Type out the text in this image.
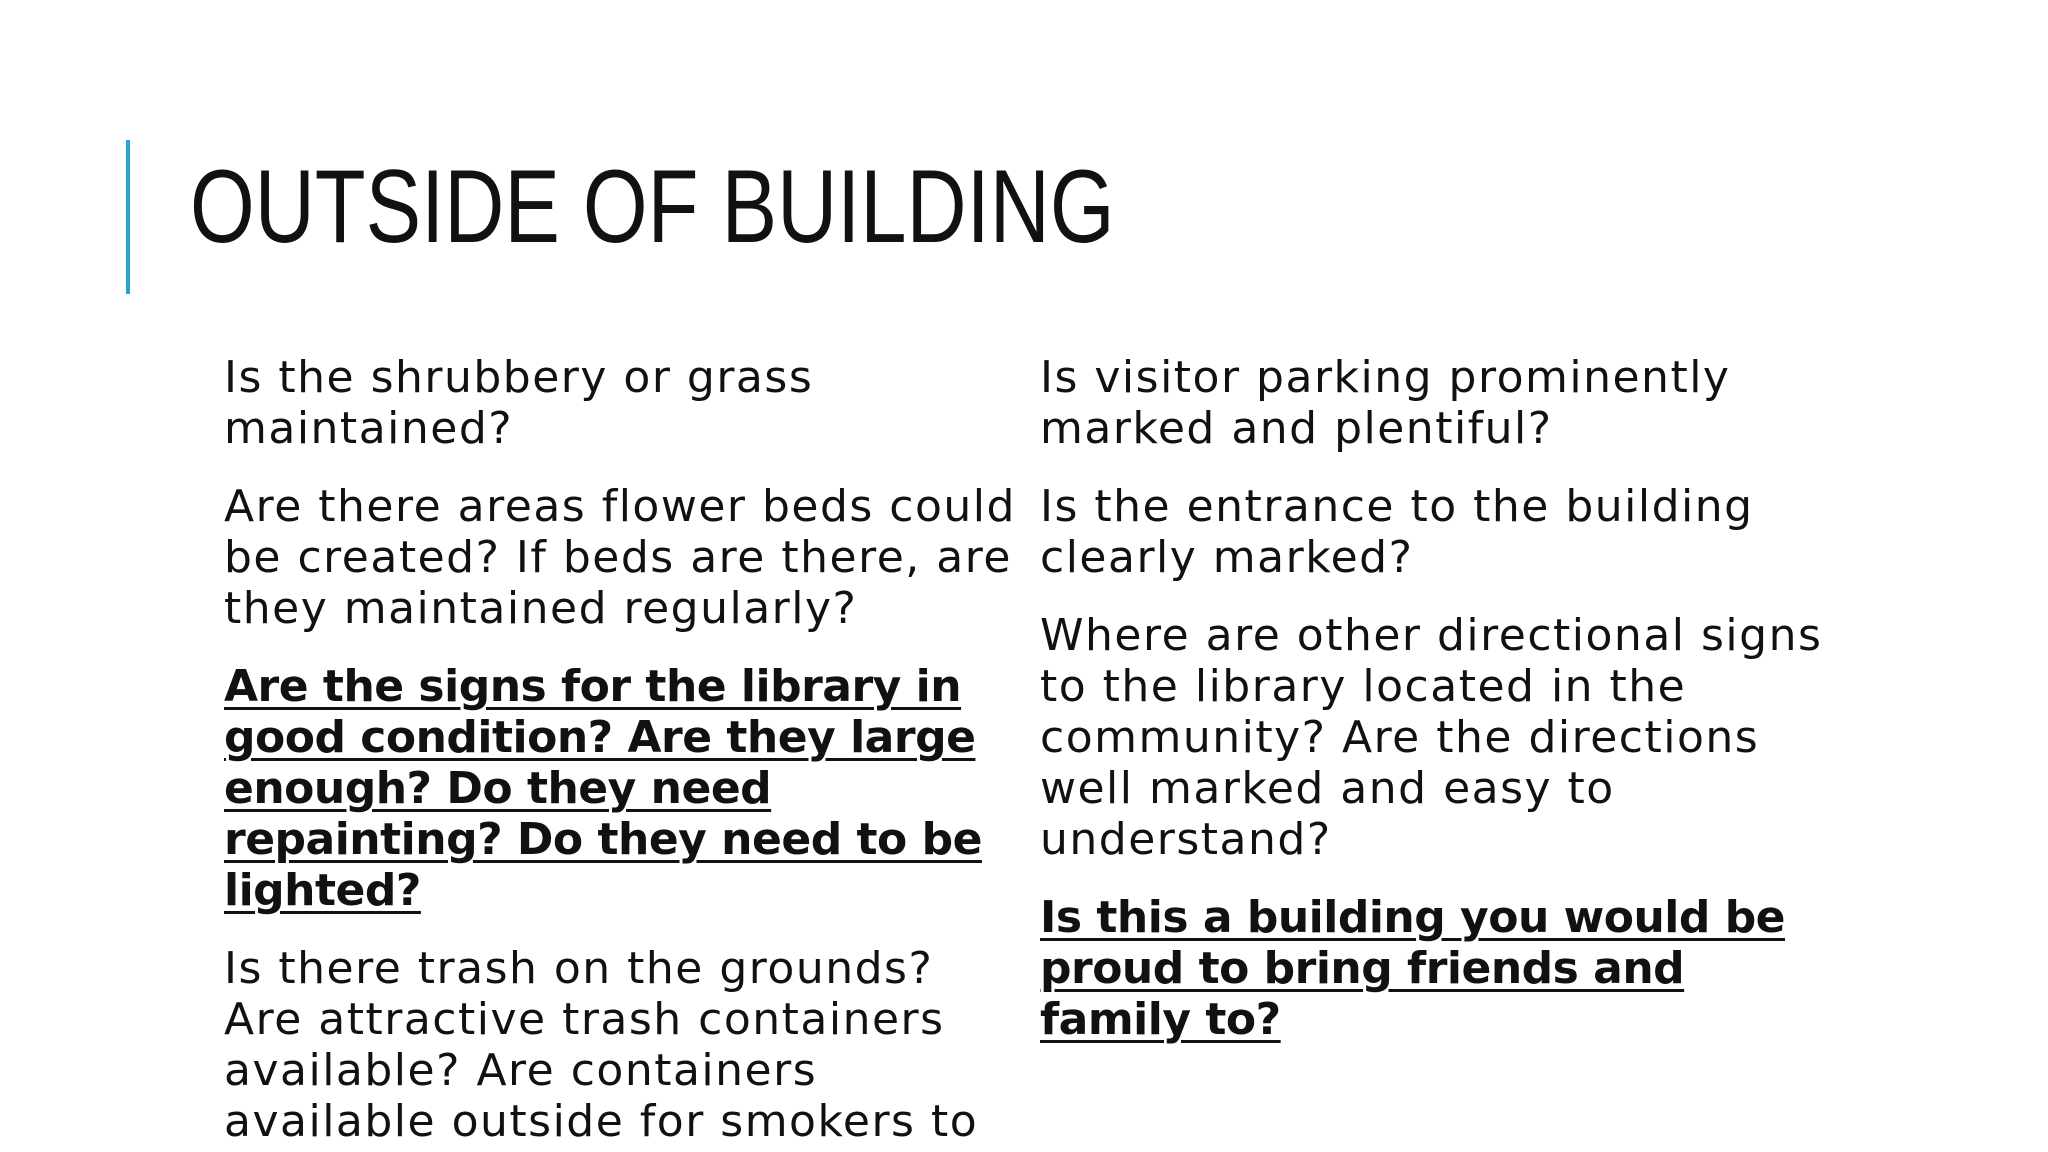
OUTSIDE OF BUILDING

Is the shrubbery or grass maintained?

Are there areas flower beds could be created? If beds are there, are they maintained regularly?

Are the signs for the library in good condition? Are they large enough? Do they need repainting? Do they need to be lighted?

Is there trash on the grounds? Are attractive trash containers available? Are containers available outside for smokers to

Is visitor parking prominently marked and plentiful?

Is the entrance to the building clearly marked?

Where are other directional signs to the library located in the community? Are the directions well marked and easy to understand?

Is this a building you would be proud to bring friends and family to?
